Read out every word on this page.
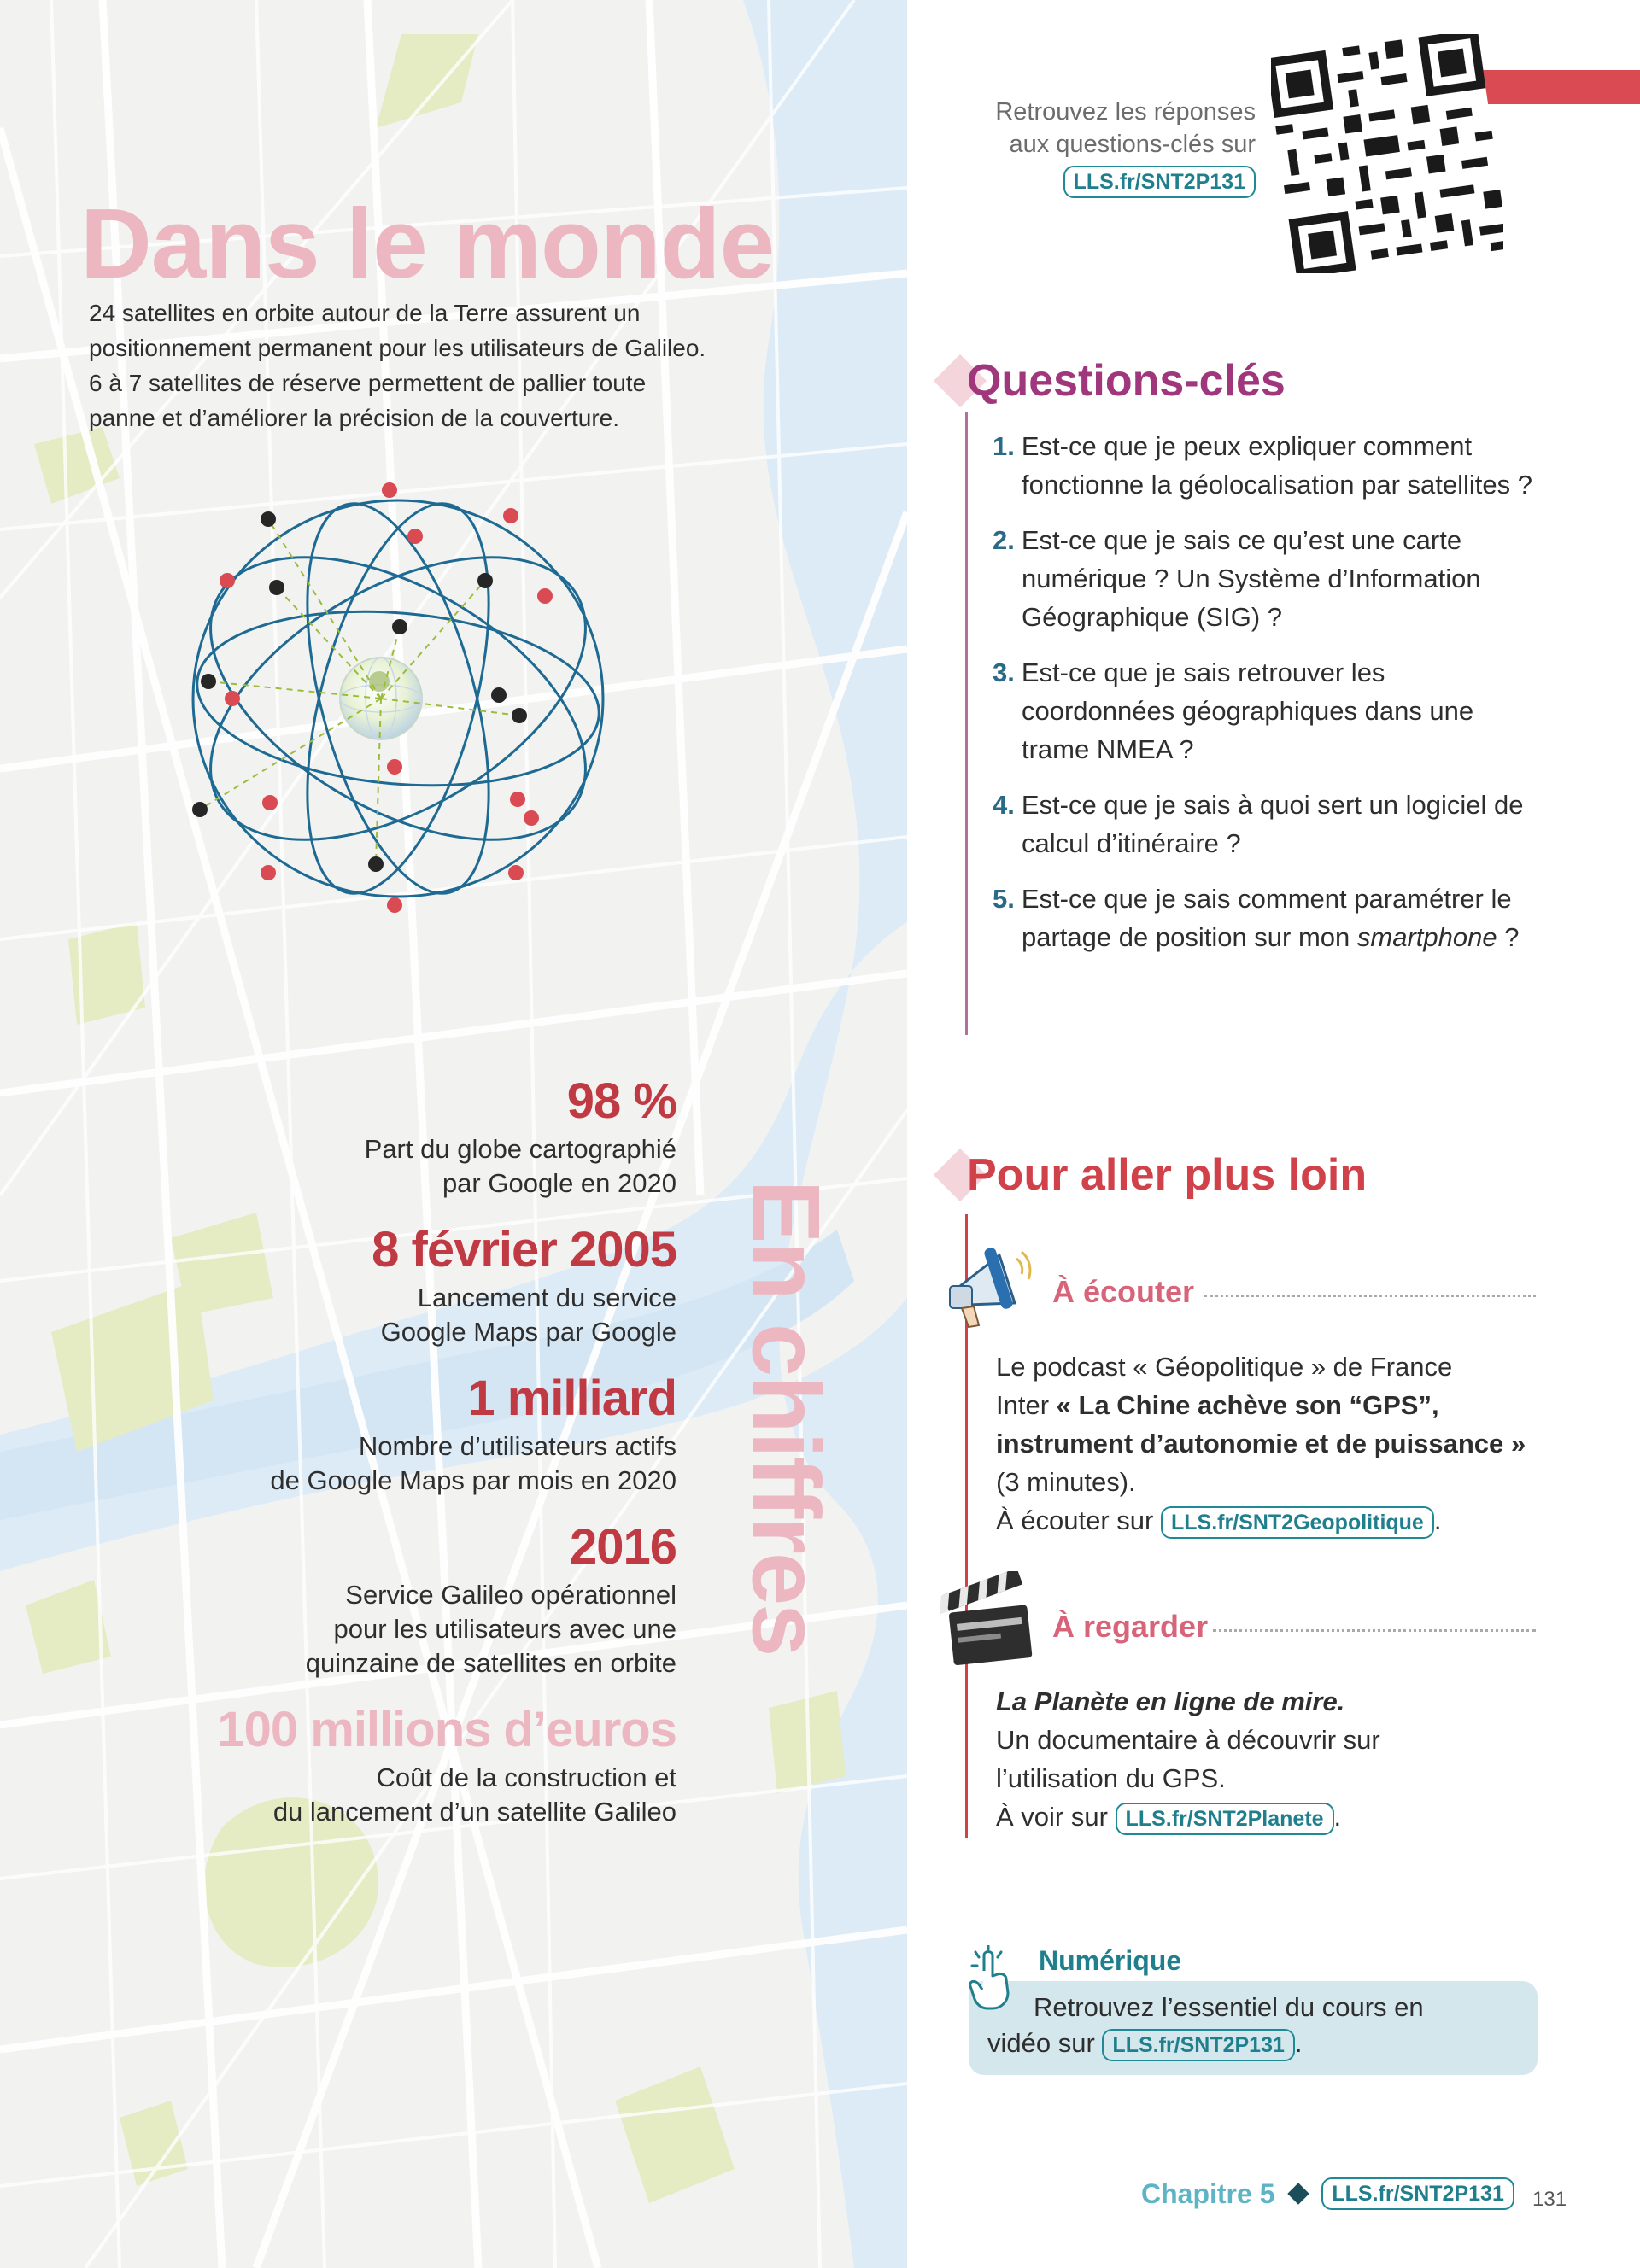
Dans le monde
24 satellites en orbite autour de la Terre assurent un
positionnement permanent pour les utilisateurs de Galileo.
6 à 7 satellites de réserve permettent de pallier toute
panne et d’améliorer la précision de la couverture.
En chiffres
98 %
Part du globe cartographié
par Google en 2020
8 février 2005
Lancement du service
Google Maps par Google
1 milliard
Nombre d’utilisateurs actifs
de Google Maps par mois en 2020
2016
Service Galileo opérationnel
pour les utilisateurs avec une
quinzaine de satellites en orbite
100 millions d’euros
Coût de la construction et
du lancement d’un satellite Galileo
Retrouvez les réponses
aux questions-clés sur
LLS.fr/SNT2P131
Questions-clés
1. Est-ce que je peux expliquer comment fonctionne la géolocalisation par satellites ?
2. Est-ce que je sais ce qu’est une carte numérique ? Un Système d’Information Géographique (SIG) ?
3. Est-ce que je sais retrouver les coordonnées géographiques dans une trame NMEA ?
4. Est-ce que je sais à quoi sert un logiciel de calcul d’itinéraire ?
5. Est-ce que je sais comment paramétrer le partage de position sur mon smartphone ?
Pour aller plus loin
À écouter
Le podcast « Géopolitique » de France
Inter « La Chine achève son “GPS”,
instrument d’autonomie et de puissance »
(3 minutes).
À écouter sur LLS.fr/SNT2Geopolitique .
À regarder
La Planète en ligne de mire.
Un documentaire à découvrir sur
l’utilisation du GPS.
À voir sur LLS.fr/SNT2Planete .
Numérique
Retrouvez l’essentiel du cours en
vidéo sur LLS.fr/SNT2P131 .
Chapitre 5	LLS.fr/SNT2P131	131
